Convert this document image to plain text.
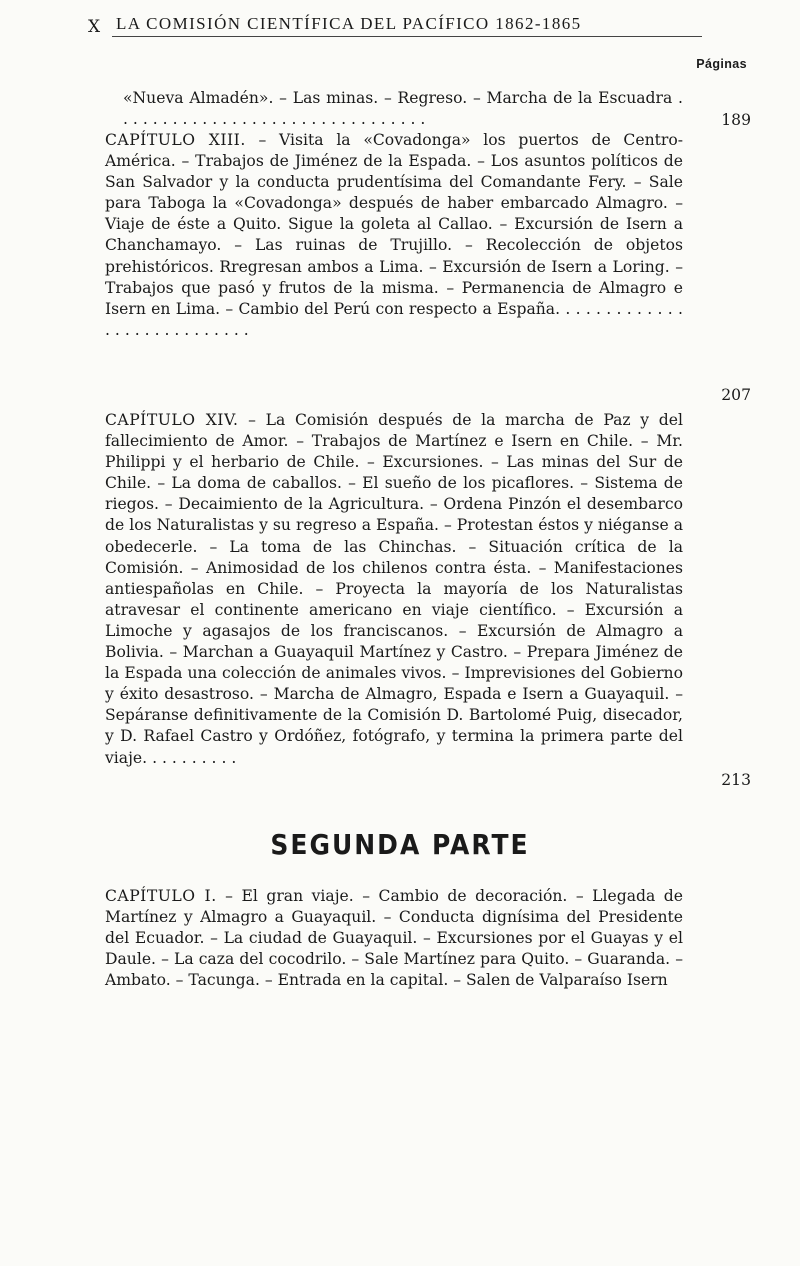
X LA COMISIÓN CIENTÍFICA DEL PACÍFICO 1862-1865
Páginas

«Nueva Almadén». – Las minas. – Regreso. – Marcha de la Escuadra . . . . . . . . . . . . . . . . . . . . . . . . . . . . . . . .	189

CAPÍTULO XIII. – Visita la «Covadonga» los puertos de Centro-América. – Trabajos de Jiménez de la Espada. – Los asuntos políticos de San Salvador y la conducta prudentísima del Comandante Fery. – Sale para Taboga la «Covadonga» después de haber embarcado Almagro. – Viaje de éste a Quito. Sigue la goleta al Callao. – Excursión de Isern a Chanchamayo. – Las ruinas de Trujillo. – Recolección de objetos prehistóricos. Rregresan ambos a Lima. – Excursión de Isern a Loring. – Trabajos que pasó y frutos de la misma. – Permanencia de Almagro e Isern en Lima. – Cambio del Perú con respecto a España. . . . . . . . . . . . . . . . . . . . . . . . . . . .

207

CAPÍTULO XIV. – La Comisión después de la marcha de Paz y del fallecimiento de Amor. – Trabajos de Martínez e Isern en Chile. – Mr. Philippi y el herbario de Chile. – Excursiones. – Las minas del Sur de Chile. – La doma de caballos. – El sueño de los picaflores. – Sistema de riegos. – Decaimiento de la Agricultura. – Ordena Pinzón el desembarco de los Naturalistas y su regreso a España. – Protestan éstos y niéganse a obedecerle. – La toma de las Chinchas. – Situación crítica de la Comisión. – Animosidad de los chilenos contra ésta. – Manifestaciones antiespañolas en Chile. – Proyecta la mayoría de los Naturalistas atravesar el continente americano en viaje científico. – Excursión a Limoche y agasajos de los franciscanos. – Excursión de Almagro a Bolivia. – Marchan a Guayaquil Martínez y Castro. – Prepara Jiménez de la Espada una colección de animales vivos. – Imprevisiones del Gobierno y éxito desastroso. – Marcha de Almagro, Espada e Isern a Guayaquil. – Sepáranse definitivamente de la Comisión D. Bartolomé Puig, disecador, y D. Rafael Castro y Ordóñez, fotógrafo, y termina la primera parte del viaje. . . . . . . . . .

213
SEGUNDA PARTE

CAPÍTULO I. – El gran viaje. – Cambio de decoración. – Llegada de Martínez y Almagro a Guayaquil. – Conducta dignísima del Presidente del Ecuador. – La ciudad de Guayaquil. – Excursiones por el Guayas y el Daule. – La caza del cocodrilo. – Sale Martínez para Quito. – Guaranda. – Ambato. – Tacunga. – Entrada en la capital. – Salen de Valparaíso Isern
